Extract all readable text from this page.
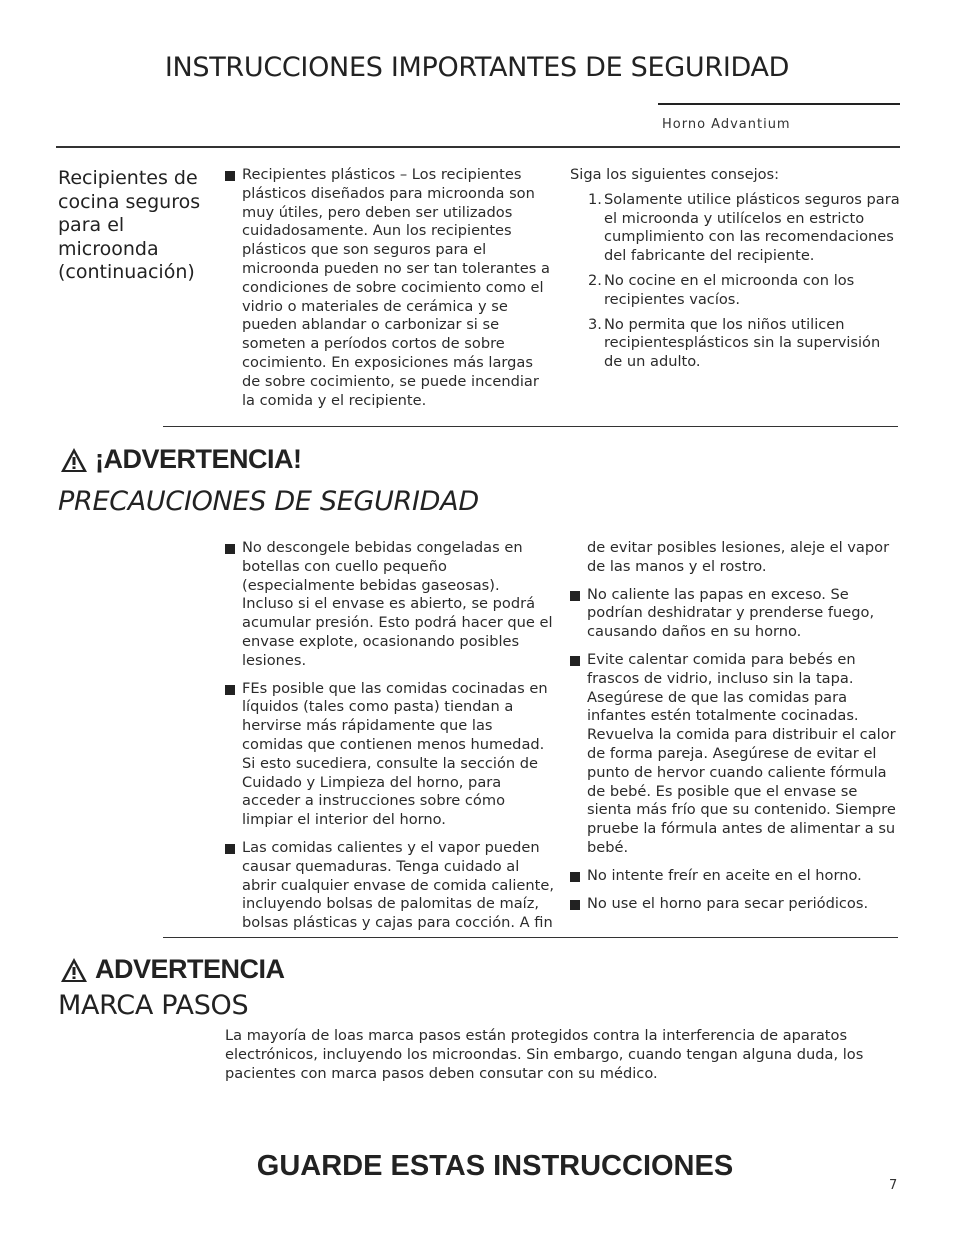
INSTRUCCIONES IMPORTANTES DE SEGURIDAD
Horno Advantium
Recipientes de cocina seguros para el microonda (continuación)
Recipientes plásticos – Los recipientes plásticos diseñados para microonda son muy útiles, pero deben ser utilizados cuidadosamente. Aun los recipientes plásticos que son seguros para el microonda pueden no ser tan tolerantes a condiciones de sobre cocimiento como el vidrio o materiales de cerámica y se pueden ablandar o carbonizar si se someten a períodos cortos de sobre cocimiento. En exposiciones más largas de sobre cocimiento, se puede incendiar la comida y el recipiente.
Siga los siguientes consejos:
1. Solamente utilice plásticos seguros para el microonda y utilícelos en estricto cumplimiento con las recomendaciones del fabricante del recipiente.
2. No cocine en el microonda con los recipientes vacíos.
3. No permita que los niños utilicen recipientesplásticos sin la supervisión de un adulto.
¡ADVERTENCIA!
PRECAUCIONES DE SEGURIDAD
No descongele bebidas congeladas en botellas con cuello pequeño (especialmente bebidas gaseosas). Incluso si el envase es abierto, se podrá acumular presión. Esto podrá hacer que el envase explote, ocasionando posibles lesiones.
FEs posible que las comidas cocinadas en líquidos (tales como pasta) tiendan a hervirse más rápidamente que las comidas que contienen menos humedad. Si esto sucediera, consulte la sección de Cuidado y Limpieza del horno, para acceder a instrucciones sobre cómo limpiar el interior del horno.
Las comidas calientes y el vapor pueden causar quemaduras. Tenga cuidado al abrir cualquier envase de comida caliente, incluyendo bolsas de palomitas de maíz, bolsas plásticas y cajas para cocción. A fin
de evitar posibles lesiones, aleje el vapor de las manos y el rostro.
No caliente las papas en exceso. Se podrían deshidratar y prenderse fuego, causando daños en su horno.
Evite calentar comida para bebés en frascos de vidrio, incluso sin la tapa. Asegúrese de que las comidas para infantes estén totalmente cocinadas. Revuelva la comida para distribuir el calor de forma pareja. Asegúrese de evitar el punto de hervor cuando caliente fórmula de bebé. Es posible que el envase se sienta más frío que su contenido. Siempre pruebe la fórmula antes de alimentar a su bebé.
No intente freír en aceite en el horno.
No use el horno para secar periódicos.
ADVERTENCIA
MARCA PASOS
La mayoría de loas marca pasos están protegidos contra la interferencia de aparatos electrónicos, incluyendo los microondas. Sin embargo, cuando tengan alguna duda, los pacientes con marca pasos deben consutar con su médico.
GUARDE ESTAS INSTRUCCIONES
7
